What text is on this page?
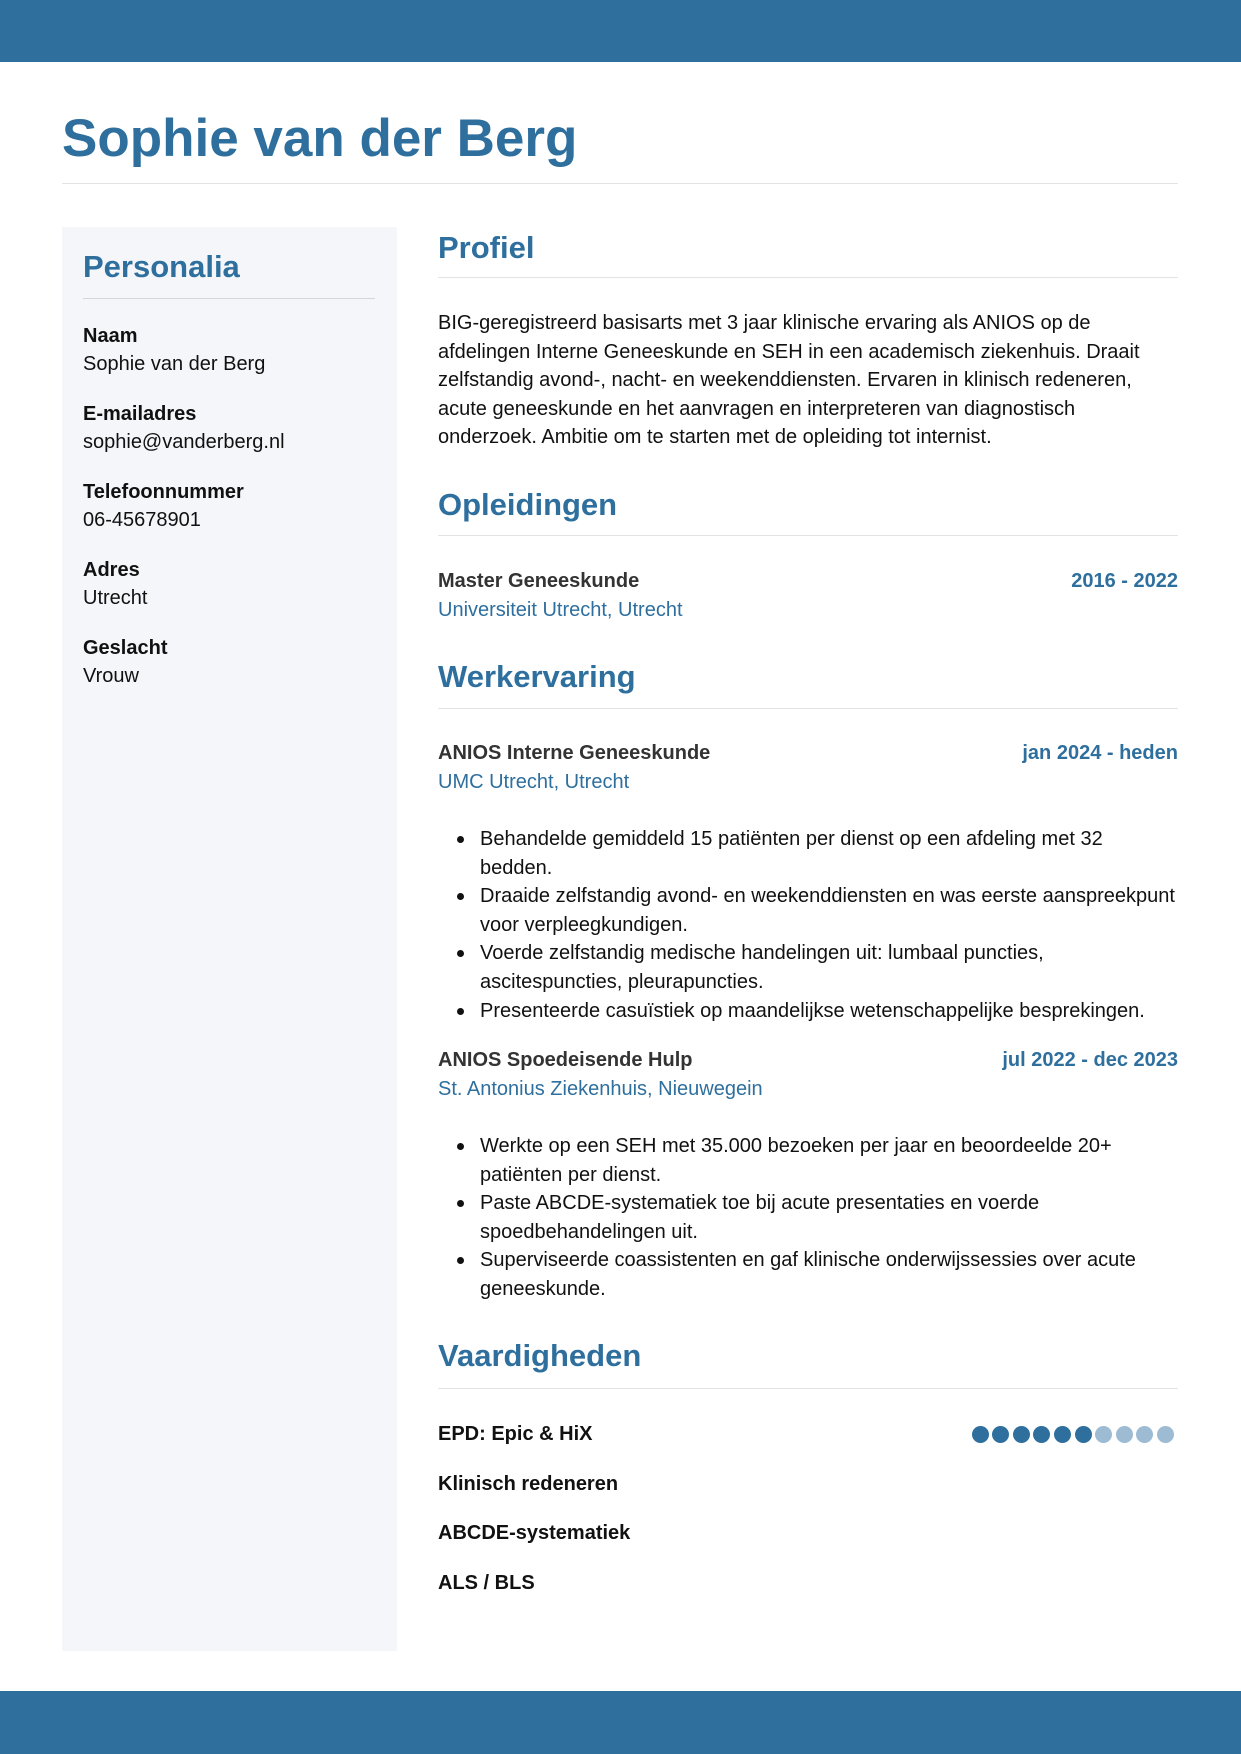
Sophie van der Berg
Personalia
Naam
Sophie van der Berg
E-mailadres
sophie@vanderberg.nl
Telefoonnummer
06-45678901
Adres
Utrecht
Geslacht
Vrouw
Profiel

BIG-geregistreerd basisarts met 3 jaar klinische ervaring als ANIOS op de afdelingen Interne Geneeskunde en SEH in een academisch ziekenhuis. Draait zelfstandig avond-, nacht- en weekenddiensten. Ervaren in klinisch redeneren, acute geneeskunde en het aanvragen en interpreteren van diagnostisch onderzoek. Ambitie om te starten met de opleiding tot internist.

Opleidingen
Master Geneeskunde	2016 - 2022
Universiteit Utrecht, Utrecht
Werkervaring
ANIOS Interne Geneeskunde	jan 2024 - heden
UMC Utrecht, Utrecht
Behandelde gemiddeld 15 patiënten per dienst op een afdeling met 32 bedden.
Draaide zelfstandig avond- en weekenddiensten en was eerste aanspreekpunt voor verpleegkundigen.
Voerde zelfstandig medische handelingen uit: lumbaal puncties, ascitespuncties, pleurapuncties.
Presenteerde casuïstiek op maandelijkse wetenschappelijke besprekingen.
ANIOS Spoedeisende Hulp	jul 2022 - dec 2023
St. Antonius Ziekenhuis, Nieuwegein
Werkte op een SEH met 35.000 bezoeken per jaar en beoordeelde 20+ patiënten per dienst.
Paste ABCDE-systematiek toe bij acute presentaties en voerde spoedbehandelingen uit.
Superviseerde coassistenten en gaf klinische onderwijssessies over acute geneeskunde.
Vaardigheden
EPD: Epic & HiX
Klinisch redeneren
ABCDE-systematiek
ALS / BLS
